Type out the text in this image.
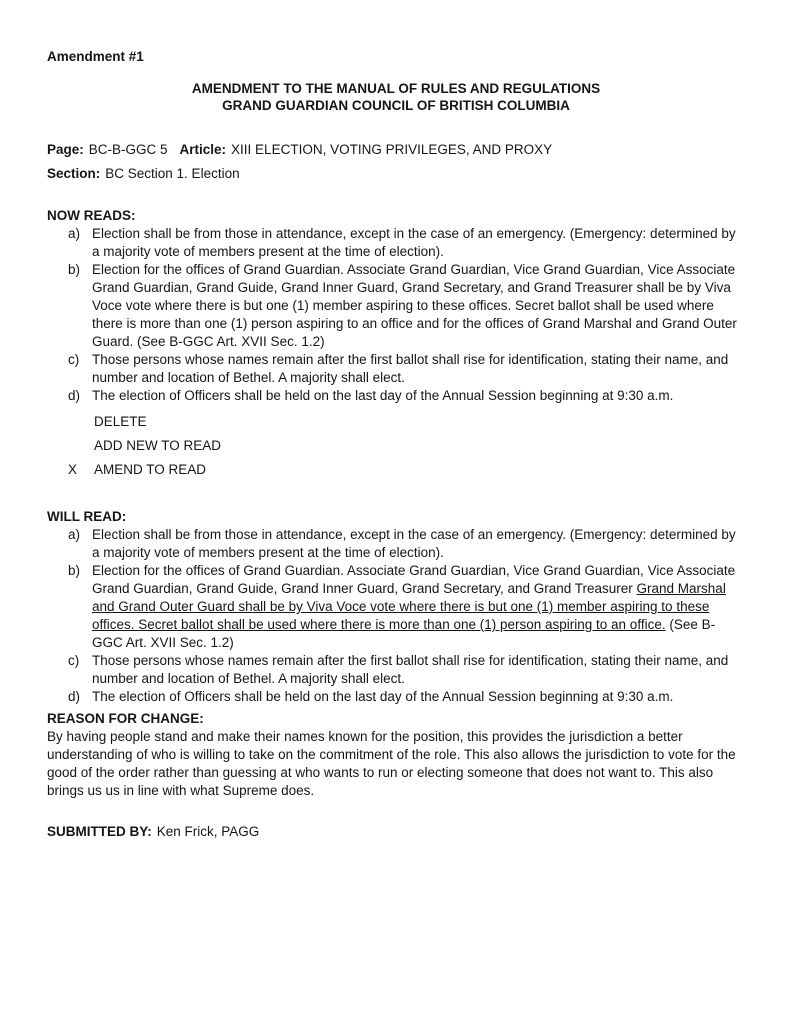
Amendment #1
AMENDMENT TO THE MANUAL OF RULES AND REGULATIONS
GRAND GUARDIAN COUNCIL OF BRITISH COLUMBIA
Page: BC-B-GGC 5 Article: XIII ELECTION, VOTING PRIVILEGES, AND PROXY
Section: BC Section 1. Election
NOW READS:
a) Election shall be from those in attendance, except in the case of an emergency. (Emergency: determined by a majority vote of members present at the time of election).
b) Election for the offices of Grand Guardian. Associate Grand Guardian, Vice Grand Guardian, Vice Associate Grand Guardian, Grand Guide, Grand Inner Guard, Grand Secretary, and Grand Treasurer shall be by Viva Voce vote where there is but one (1) member aspiring to these offices. Secret ballot shall be used where there is more than one (1) person aspiring to an office and for the offices of Grand Marshal and Grand Outer Guard. (See B-GGC Art. XVII Sec. 1.2)
c) Those persons whose names remain after the first ballot shall rise for identification, stating their name, and number and location of Bethel. A majority shall elect.
d) The election of Officers shall be held on the last day of the Annual Session beginning at 9:30 a.m.
DELETE
ADD NEW TO READ
X	AMEND TO READ
WILL READ:
a) Election shall be from those in attendance, except in the case of an emergency. (Emergency: determined by a majority vote of members present at the time of election).
b) Election for the offices of Grand Guardian. Associate Grand Guardian, Vice Grand Guardian, Vice Associate Grand Guardian, Grand Guide, Grand Inner Guard, Grand Secretary, and Grand Treasurer Grand Marshal and Grand Outer Guard shall be by Viva Voce vote where there is but one (1) member aspiring to these offices. Secret ballot shall be used where there is more than one (1) person aspiring to an office. (See B-GGC Art. XVII Sec. 1.2)
c) Those persons whose names remain after the first ballot shall rise for identification, stating their name, and number and location of Bethel. A majority shall elect.
d) The election of Officers shall be held on the last day of the Annual Session beginning at 9:30 a.m.
REASON FOR CHANGE:
By having people stand and make their names known for the position, this provides the jurisdiction a better understanding of who is willing to take on the commitment of the role. This also allows the jurisdiction to vote for the good of the order rather than guessing at who wants to run or electing someone that does not want to. This also brings us us in line with what Supreme does.
SUBMITTED BY: Ken Frick, PAGG
